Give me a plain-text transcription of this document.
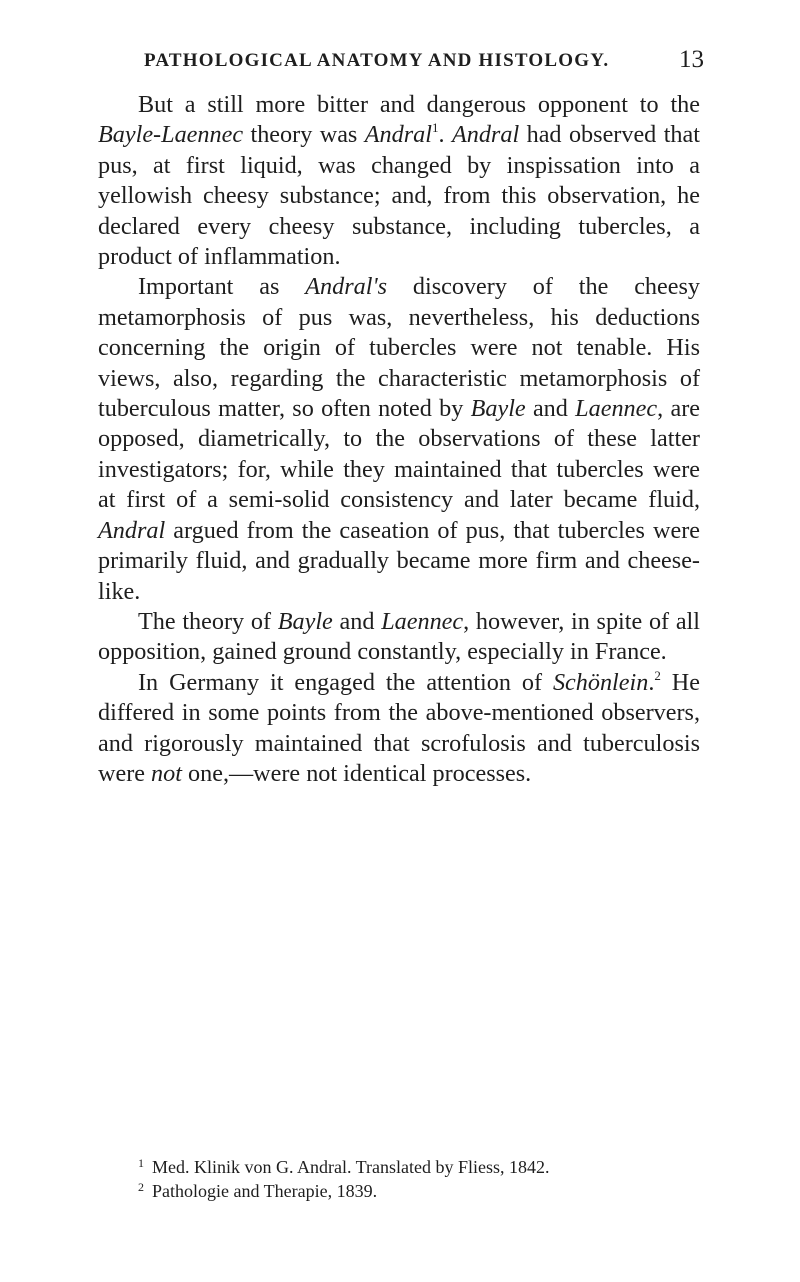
PATHOLOGICAL ANATOMY AND HISTOLOGY.	13

But a still more bitter and dangerous opponent to the Bayle-Laennec theory was Andral$^1$. Andral had observed that pus, at first liquid, was changed by inspissation into a yellowish cheesy substance; and, from this observation, he declared every cheesy substance, including tubercles, a product of inflammation.

Important as Andral's discovery of the cheesy metamorphosis of pus was, nevertheless, his deductions concerning the origin of tubercles were not tenable. His views, also, regarding the characteristic metamorphosis of tuberculous matter, so often noted by Bayle and Laennec, are opposed, diametrically, to the observations of these latter investigators; for, while they maintained that tubercles were at first of a semi-solid consistency and later became fluid, Andral argued from the caseation of pus, that tubercles were primarily fluid, and gradually became more firm and cheese-like.

The theory of Bayle and Laennec, however, in spite of all opposition, gained ground constantly, especially in France.

In Germany it engaged the attention of Schönlein.$^2$ He differed in some points from the above-mentioned observers, and rigorously maintained that scrofulosis and tuberculosis were not one,—were not identical processes.

$^1$ Med. Klinik von G. Andral. Translated by Fliess, 1842.
$^2$ Pathologie and Therapie, 1839.
